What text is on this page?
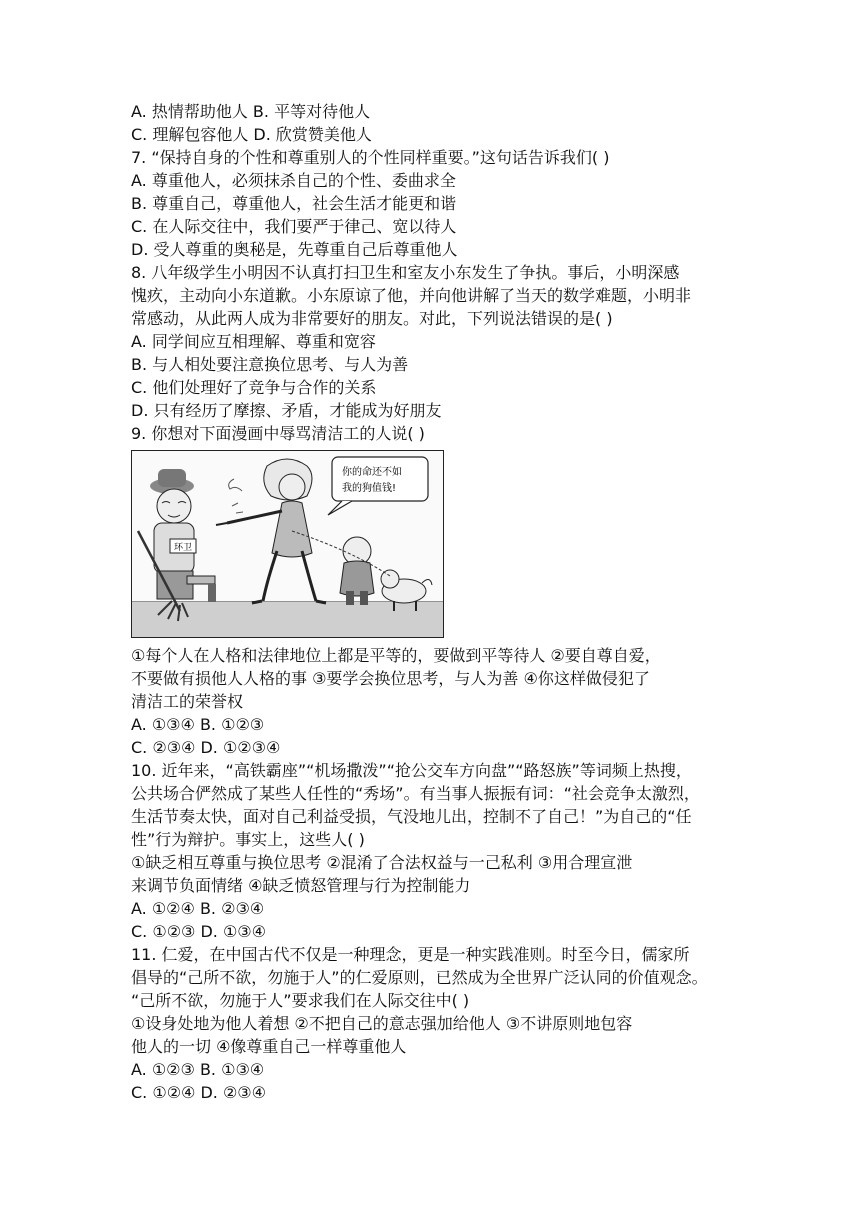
A. 热情帮助他人 B. 平等对待他人
C. 理解包容他人 D. 欣赏赞美他人
7. “保持自身的个性和尊重别人的个性同样重要。”这句话告诉我们( )
A. 尊重他人，必须抹杀自己的个性、委曲求全
B. 尊重自己，尊重他人，社会生活才能更和谐
C. 在人际交往中，我们要严于律己、宽以待人
D. 受人尊重的奥秘是，先尊重自己后尊重他人
8. 八年级学生小明因不认真打扫卫生和室友小东发生了争执。事后，小明深感
愧疚，主动向小东道歉。小东原谅了他，并向他讲解了当天的数学难题，小明非
常感动，从此两人成为非常要好的朋友。对此，下列说法错误的是( )
A. 同学间应互相理解、尊重和宽容
B. 与人相处要注意换位思考、与人为善
C. 他们处理好了竞争与合作的关系
D. 只有经历了摩擦、矛盾，才能成为好朋友
9. 你想对下面漫画中辱骂清洁工的人说( )
环卫
你的命还不如
我的狗值钱!
①每个人在人格和法律地位上都是平等的，要做到平等待人 ②要自尊自爱，
不要做有损他人人格的事 ③要学会换位思考，与人为善 ④你这样做侵犯了
清洁工的荣誉权
A. ①③④ B. ①②③
C. ②③④ D. ①②③④
10. 近年来，“高铁霸座”“机场撒泼”“抢公交车方向盘”“路怒族”等词频上热搜，
公共场合俨然成了某些人任性的“秀场”。有当事人振振有词：“社会竞争太激烈，
生活节奏太快，面对自己利益受损，气没地儿出，控制不了自己！”为自己的“任
性”行为辩护。事实上，这些人( )
①缺乏相互尊重与换位思考 ②混淆了合法权益与一己私利 ③用合理宣泄
来调节负面情绪 ④缺乏愤怒管理与行为控制能力
A. ①②④ B. ②③④
C. ①②③ D. ①③④
11. 仁爱，在中国古代不仅是一种理念，更是一种实践准则。时至今日，儒家所
倡导的“己所不欲，勿施于人”的仁爱原则，已然成为全世界广泛认同的价值观念。
“己所不欲，勿施于人”要求我们在人际交往中( )
①设身处地为他人着想 ②不把自己的意志强加给他人 ③不讲原则地包容
他人的一切 ④像尊重自己一样尊重他人
A. ①②③ B. ①③④
C. ①②④ D. ②③④
